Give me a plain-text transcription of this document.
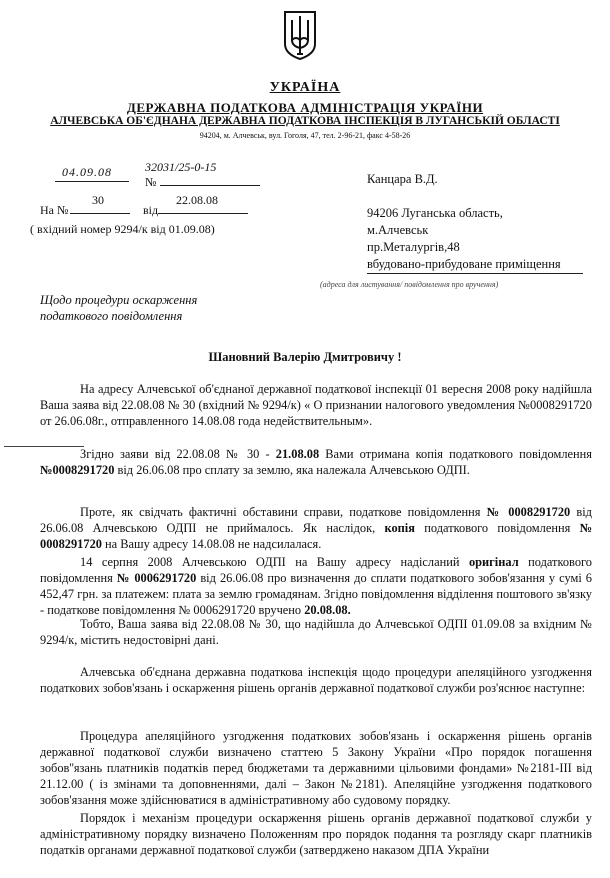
УКРАЇНА
ДЕРЖАВНА ПОДАТКОВА АДМІНІСТРАЦІЯ УКРАЇНИ
АЛЧЕВСЬКА ОБ'ЄДНАНА ДЕРЖАВНА ПОДАТКОВА ІНСПЕКЦІЯ В ЛУГАНСЬКІЙ ОБЛАСТІ
94204, м. Алчевськ, вул. Гоголя, 47, тел. 2-96-21, факс 4-58-26
04.09.08	32031/25-0-15
№
На №
30
від
22.08.08
( вхідний номер 9294/к від 01.09.08)
Канцара В.Д.
94206 Луганська область,
м.Алчевськ
пр.Металургів,48
вбудовано-прибудоване приміщення
(адреса для листування/ повідомлення про вручення)
Щодо процедури оскарження
податкового повідомлення
Шановний Валерію Дмитровичу !
На адресу Алчевської об'єднаної державної податкової інспекції 01 вересня 2008 року надійшла Ваша заява від 22.08.08 № 30 (вхідний № 9294/к) « О признании налогового уведомления №0008291720 от 26.06.08г., отправленного 14.08.08 года недействительным».
Згідно заяви від 22.08.08 № 30 - 21.08.08 Вами отримана копія податкового повідомлення №0008291720 від 26.06.08 про сплату за землю, яка належала Алчевською ОДПІ.
Проте, як свідчать фактичні обставини справи, податкове повідомлення № 0008291720 від 26.06.08 Алчевською ОДПІ не приймалось. Як наслідок, копія податкового повідомлення № 0008291720 на Вашу адресу 14.08.08 не надсилалася.
14 серпня 2008 Алчевською ОДПІ на Вашу адресу надісланий оригінал податкового повідомлення № 0006291720 від 26.06.08 про визначення до сплати податкового зобов'язання у сумі 6 452,47 грн. за платежем: плата за землю громадянам. Згідно повідомлення відділення поштового зв'язку - податкове повідомлення № 0006291720 вручено 20.08.08.
Тобто, Ваша заява від 22.08.08 № 30, що надійшла до Алчевської ОДПІ 01.09.08 за вхідним № 9294/к, містить недостовірні дані.
Алчевська об'єднана державна податкова інспекція щодо процедури апеляційного узгодження податкових зобов'язань і оскарження рішень органів державної податкової служби роз'яснює наступне:
Процедура апеляційного узгодження податкових зобов'язань і оскарження рішень органів державної податкової служби визначено статтею 5 Закону України «Про порядок погашення зобов''язань платників податків перед бюджетами та державними цільовими фондами» №2181-ІІІ від 21.12.00 ( із змінами та доповненнями, далі – Закон №2181). Апеляційне узгодження податкового зобов'язання може здійснюватися в адміністративному або судовому порядку.
Порядок і механізм процедури оскарження рішень органів державної податкової служби у адміністративному порядку визначено Положенням про порядок подання та розгляду скарг платників податків органами державної податкової служби (затверджено наказом ДПА України
